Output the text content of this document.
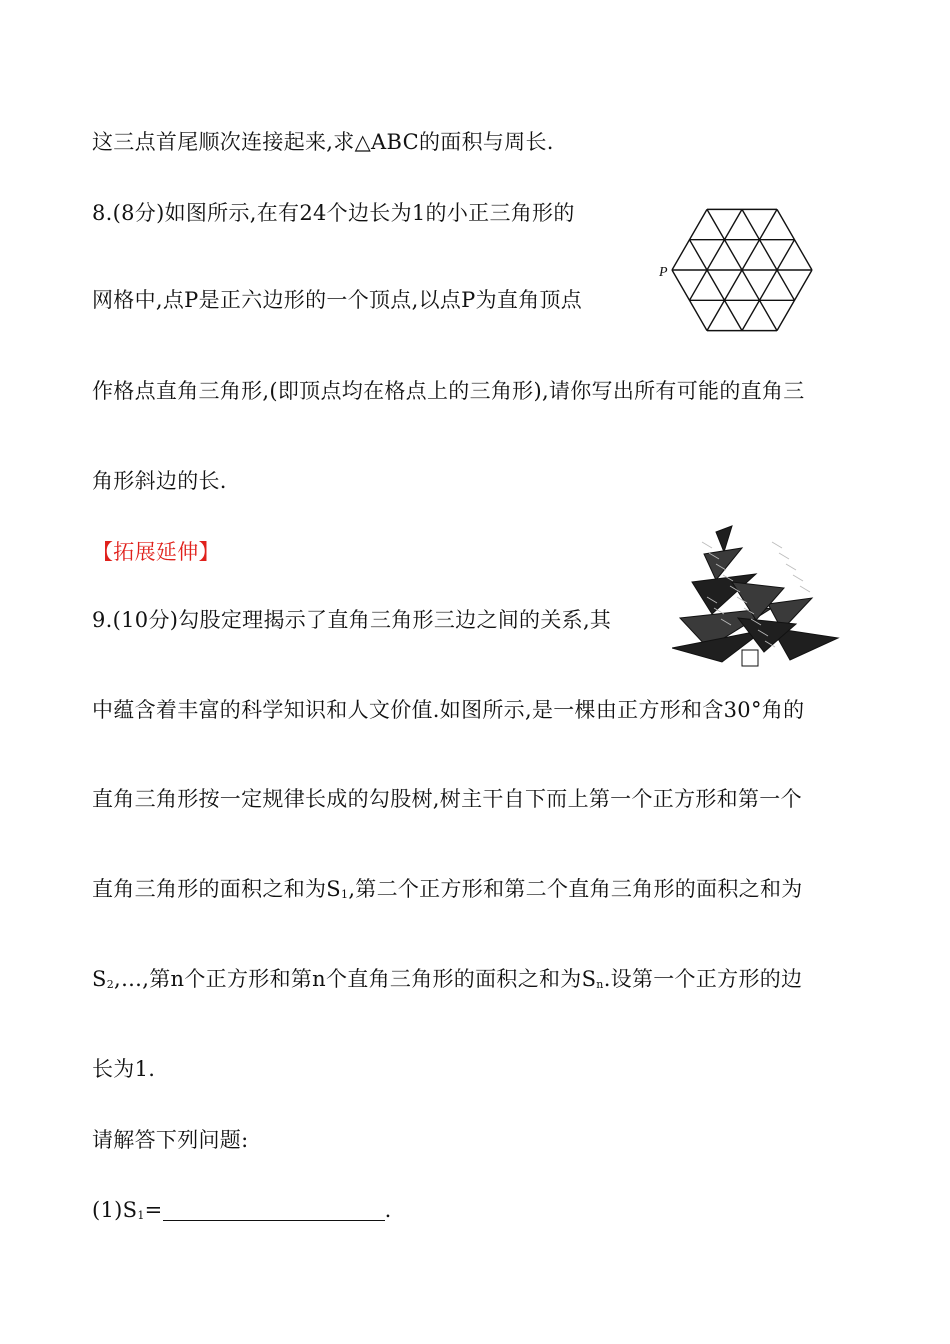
这三点首尾顺次连接起来,求△ABC的面积与周长.
8.(8分)如图所示,在有24个边长为1的小正三角形的
网格中,点P是正六边形的一个顶点,以点P为直角顶点
作格点直角三角形,(即顶点均在格点上的三角形),请你写出所有可能的直角三
角形斜边的长.
【拓展延伸】
9.(10分)勾股定理揭示了直角三角形三边之间的关系,其
中蕴含着丰富的科学知识和人文价值.如图所示,是一棵由正方形和含30°角的
直角三角形按一定规律长成的勾股树,树主干自下而上第一个正方形和第一个
直角三角形的面积之和为$S_1$,第二个正方形和第二个直角三角形的面积之和为
$S_2,\dots$,第n个正方形和第n个直角三角形的面积之和为$S_n$.设第一个正方形的边
长为1.
请解答下列问题:
$(1)S_1=$	.
P
